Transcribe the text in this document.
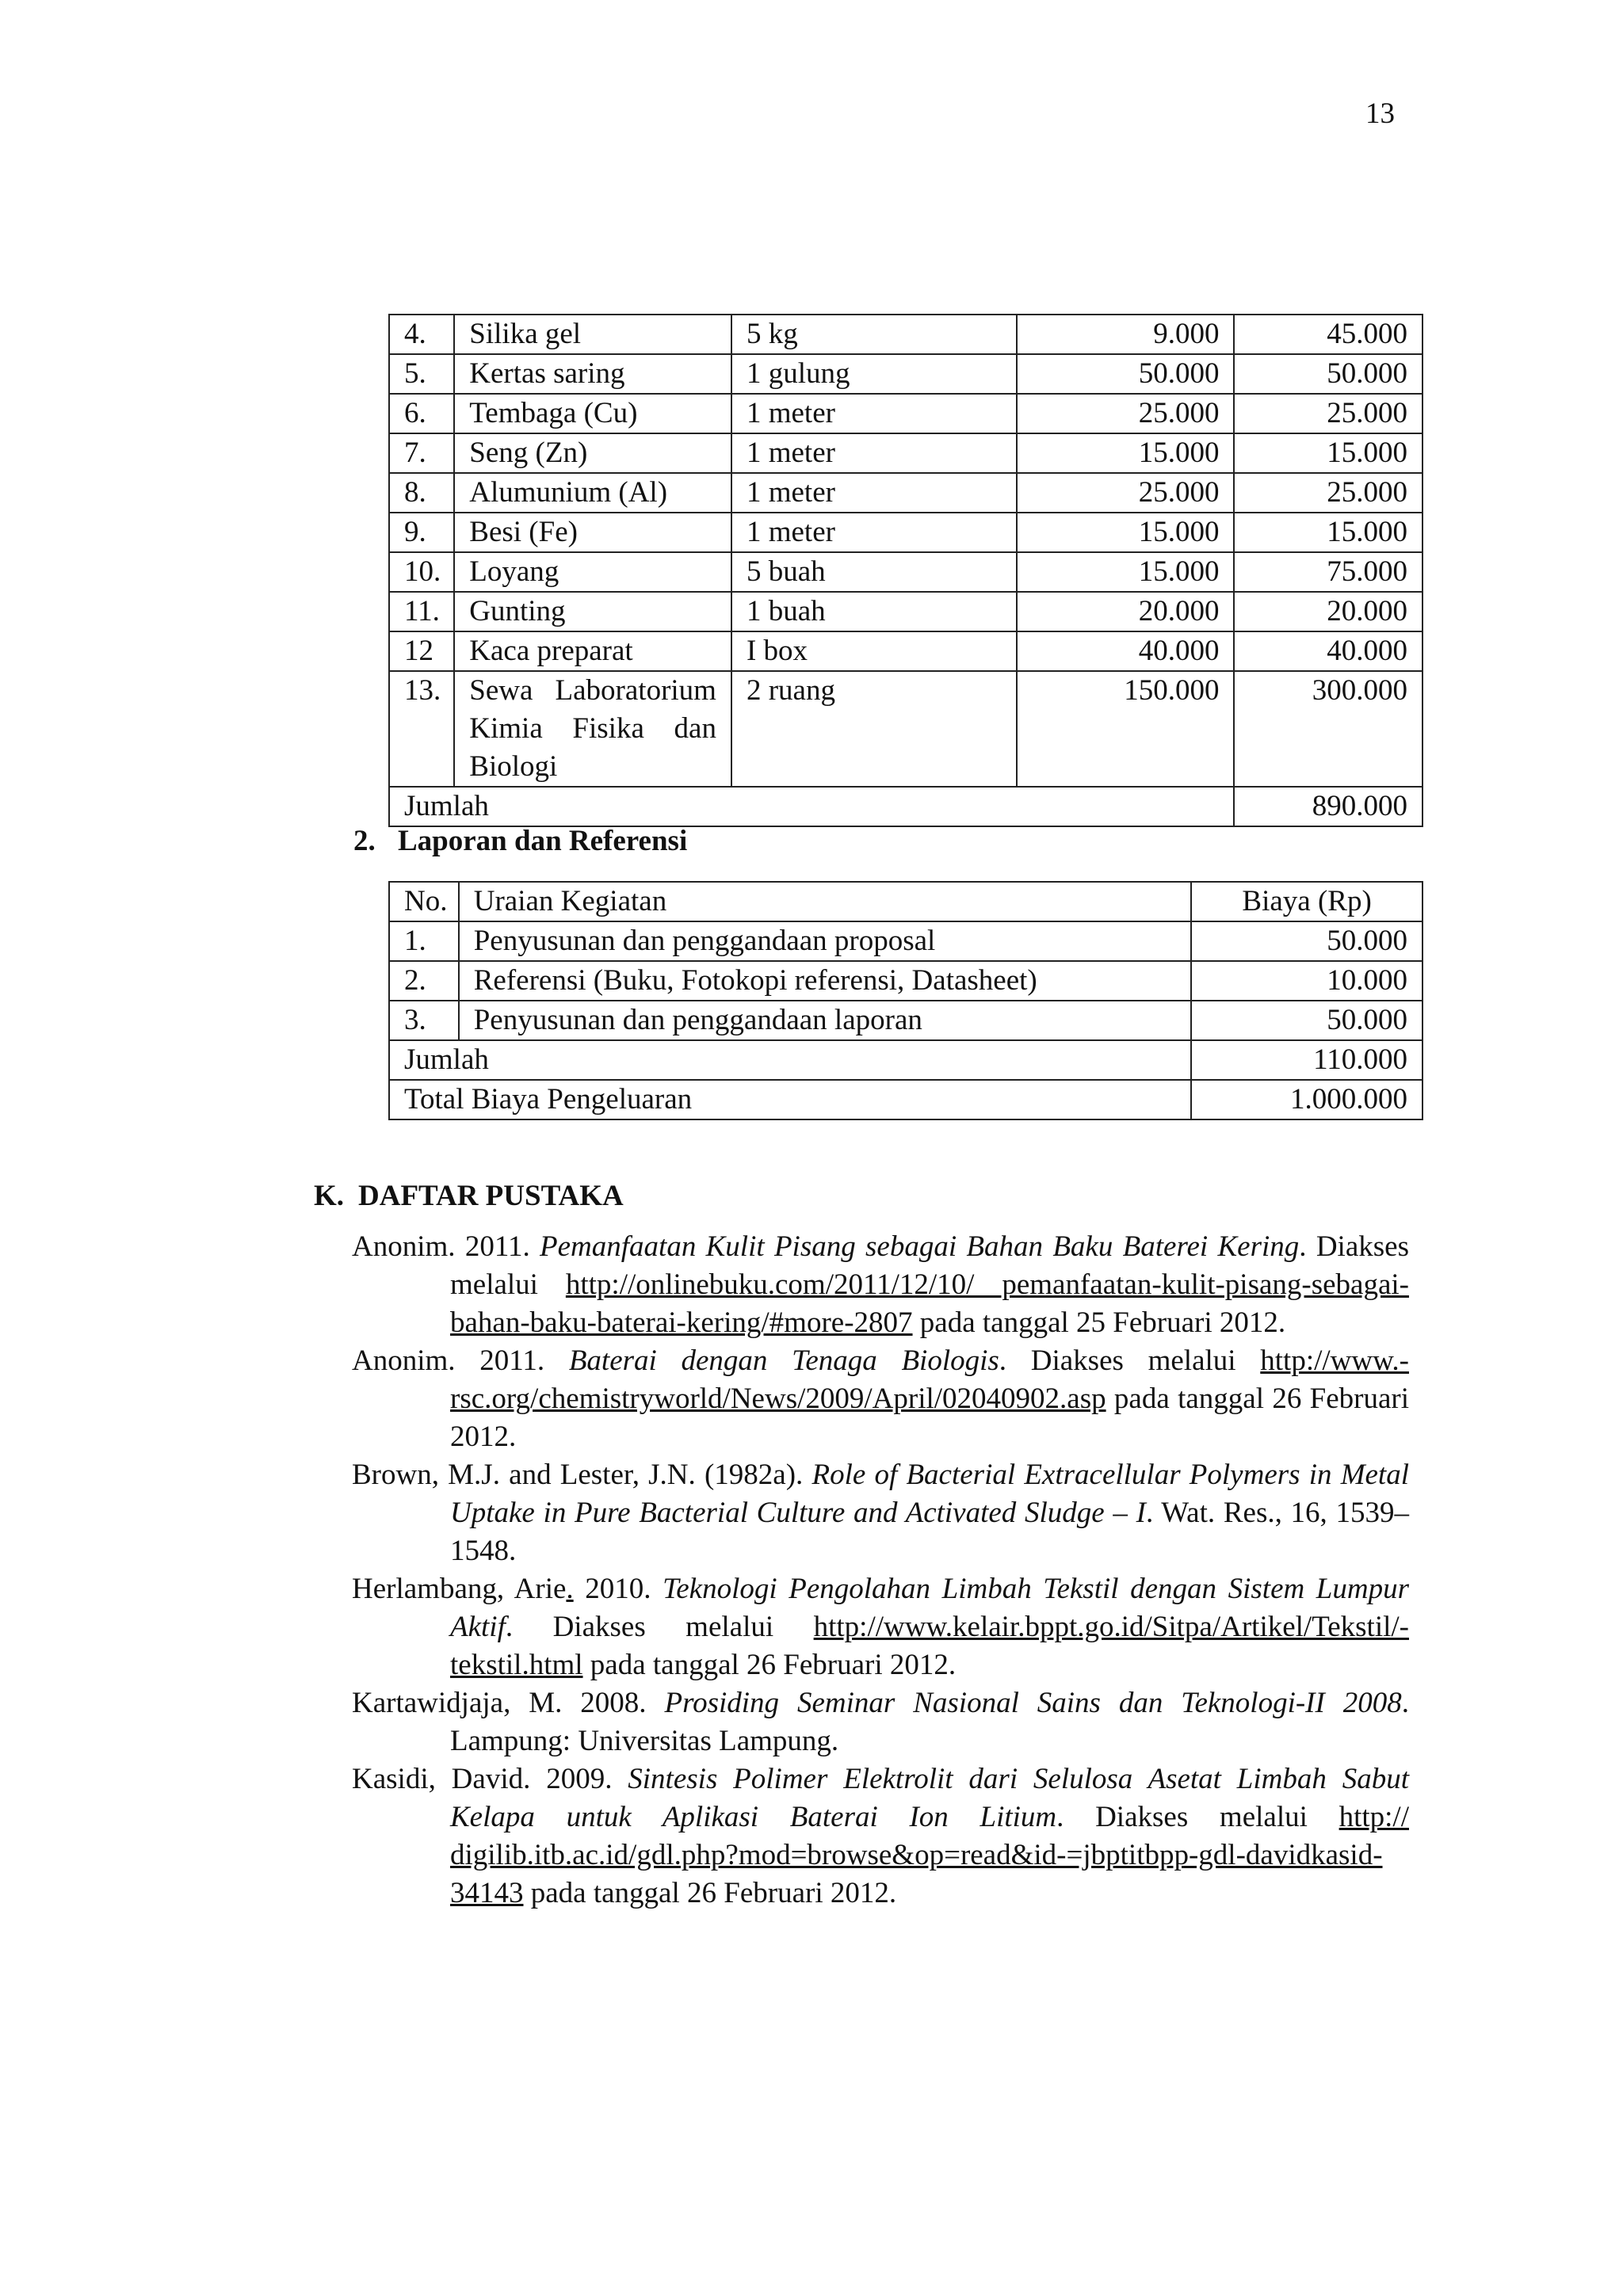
13
4.	Silika gel	5 kg	9.000	45.000
5.	Kertas saring	1 gulung	50.000	50.000
6.	Tembaga (Cu)	1 meter	25.000	25.000
7.	Seng (Zn)	1 meter	15.000	15.000
8.	Alumunium (Al)	1 meter	25.000	25.000
9.	Besi (Fe)	1 meter	15.000	15.000
10.	Loyang	5 buah	15.000	75.000
11.	Gunting	1 buah	20.000	20.000
12	Kaca preparat	I box	40.000	40.000
13.	Sewa Laboratorium Kimia Fisika dan Biologi	2 ruang	150.000	300.000
Jumlah				890.000
2. Laporan dan Referensi
No.	Uraian Kegiatan	Biaya (Rp)
1.	Penyusunan dan penggandaan proposal	50.000
2.	Referensi (Buku, Fotokopi referensi, Datasheet)	10.000
3.	Penyusunan dan penggandaan laporan	50.000
Jumlah		110.000
Total Biaya Pengeluaran		1.000.000
K. DAFTAR PUSTAKA

Anonim. 2011. Pemanfaatan Kulit Pisang sebagai Bahan Baku Baterei Kering. Diakses melalui http://onlinebuku.com/2011/12/10/ pemanfaatan-kulit-pisang-sebagai-bahan-baku-baterai-kering/#more-2807 pada tanggal 25 Februari 2012.

Anonim. 2011. Baterai dengan Tenaga Biologis. Diakses melalui http://www.-rsc.org/chemistryworld/News/2009/April/02040902.asp pada tanggal 26 Februari 2012.

Brown, M.J. and Lester, J.N. (1982a). Role of Bacterial Extracellular Polymers in Metal Uptake in Pure Bacterial Culture and Activated Sludge – I. Wat. Res., 16, 1539–1548.

Herlambang, Arie. 2010. Teknologi Pengolahan Limbah Tekstil dengan Sistem Lumpur Aktif. Diakses melalui http://www.kelair.bppt.go.id/Sitpa/Artikel/Tekstil/-tekstil.html pada tanggal 26 Februari 2012.

Kartawidjaja, M. 2008. Prosiding Seminar Nasional Sains dan Teknologi-II 2008. Lampung: Universitas Lampung.

Kasidi, David. 2009. Sintesis Polimer Elektrolit dari Selulosa Asetat Limbah Sabut Kelapa untuk Aplikasi Baterai Ion Litium. Diakses melalui http:// digilib.itb.ac.id/gdl.php?mod=browse&op=read&id-=jbptitbpp-gdl-davidkasid-34143 pada tanggal 26 Februari 2012.
